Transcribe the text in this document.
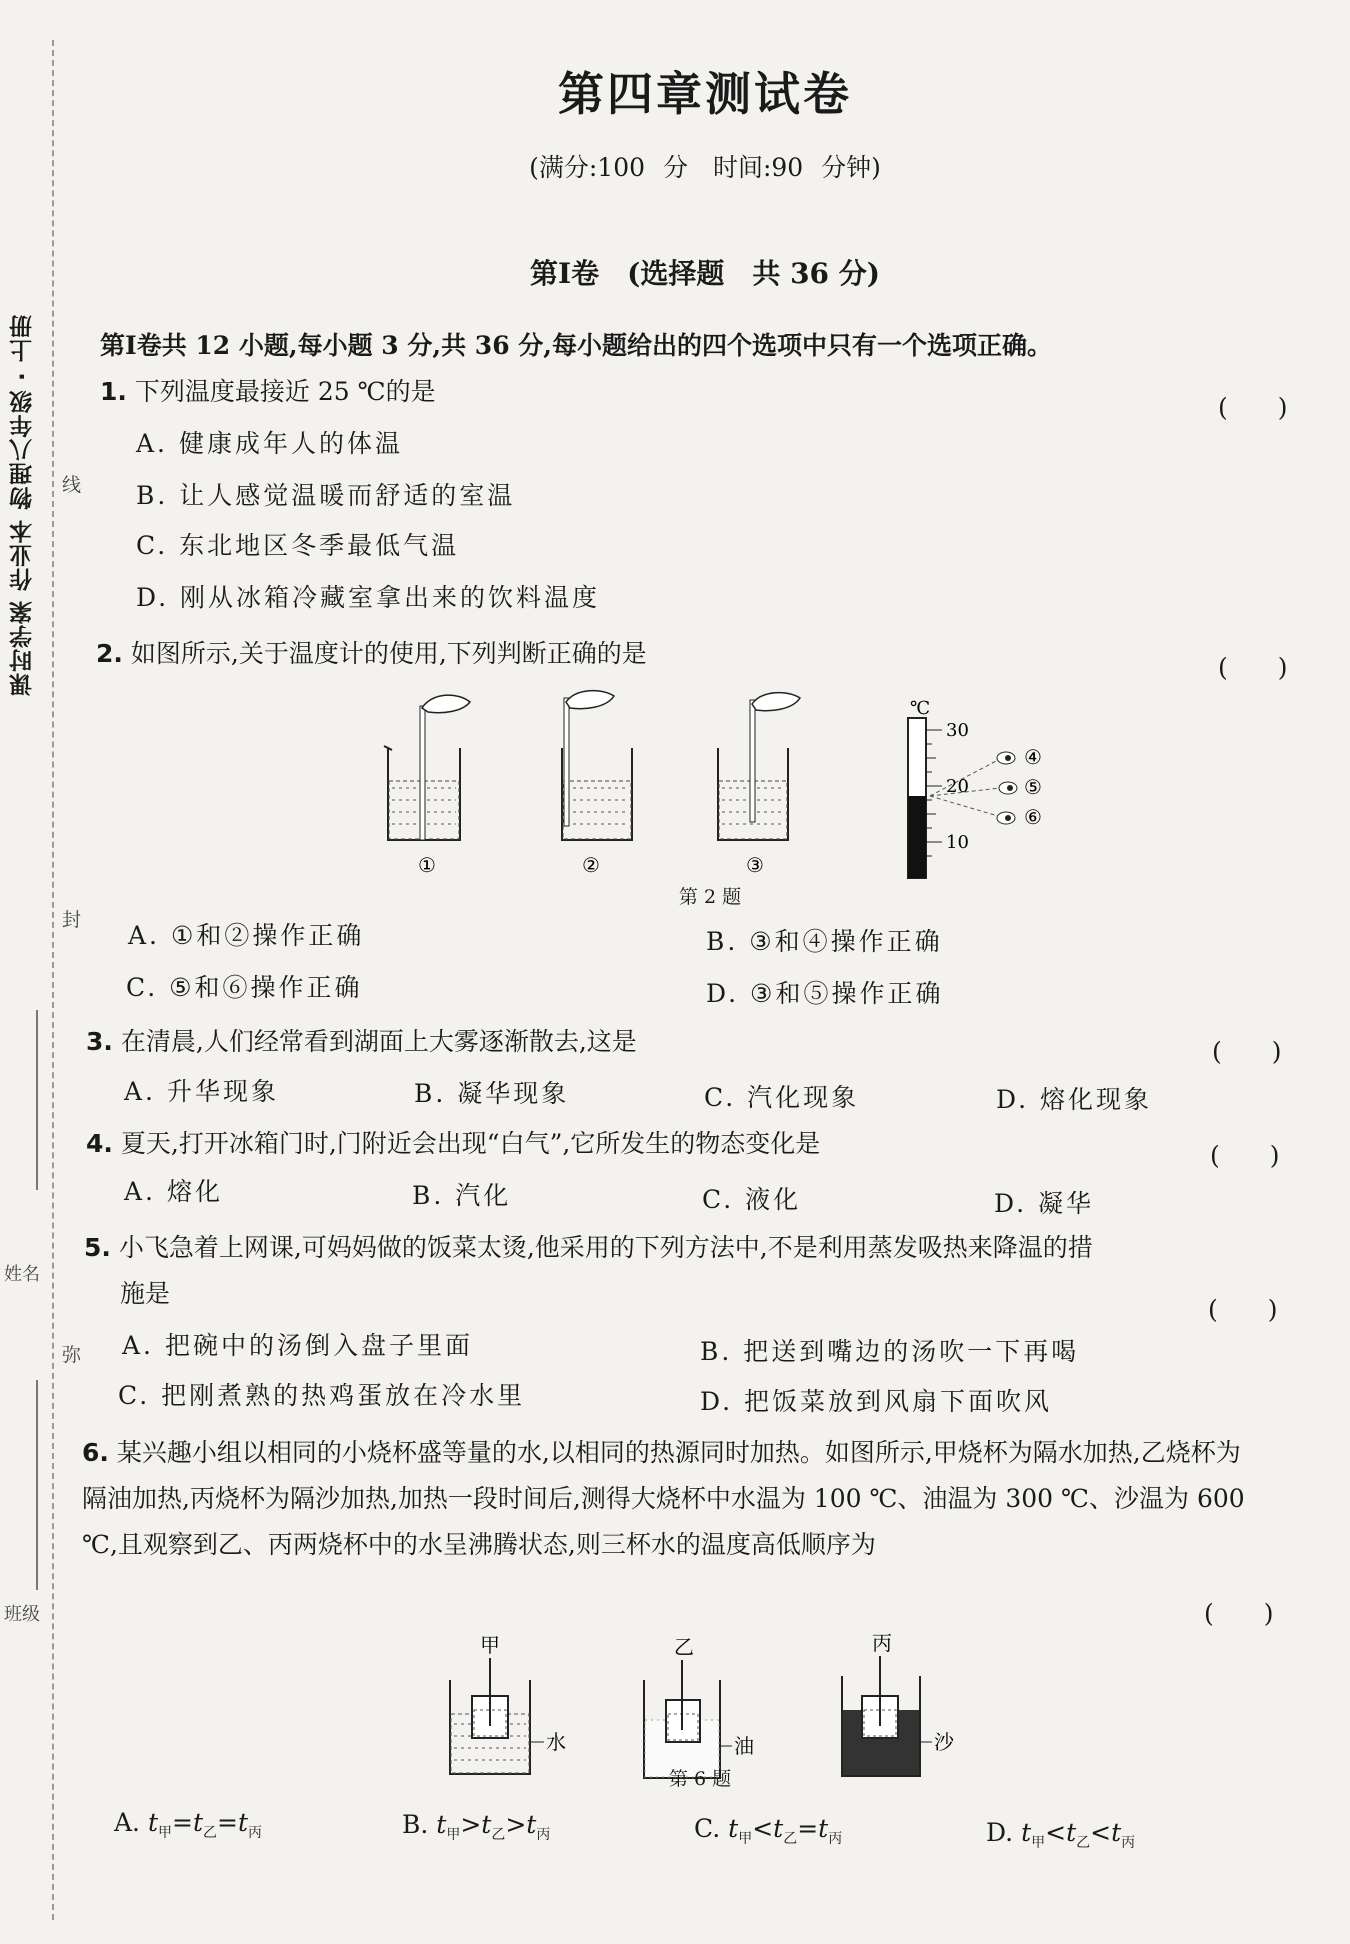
课时学案 作业本 物理八年级 · 上册	线
封
弥
姓名
班级
第四章测试卷
(满分:100 分　时间:90 分钟)
第Ⅰ卷　(选择题　共 36 分)
第Ⅰ卷共 12 小题,每小题 3 分,共 36 分,每小题给出的四个选项中只有一个选项正确。
1. 下列温度最接近 25 ℃的是
(　　)
A. 健康成年人的体温
B. 让人感觉温暖而舒适的室温
C. 东北地区冬季最低气温
D. 刚从冰箱冷藏室拿出来的饮料温度
2. 如图所示,关于温度计的使用,下列判断正确的是	(　　)
①	②	③
℃
30
20
10
④
⑤
⑥
第 2 题
A. ①和②操作正确	B. ③和④操作正确
C. ⑤和⑥操作正确	D. ③和⑤操作正确
3. 在清晨,人们经常看到湖面上大雾逐渐散去,这是	(　　)
A. 升华现象	B. 凝华现象	C. 汽化现象	D. 熔化现象
4. 夏天,打开冰箱门时,门附近会出现“白气”,它所发生的物态变化是	(　　)
A. 熔化	B. 汽化	C. 液化	D. 凝华
5. 小飞急着上网课,可妈妈做的饭菜太烫,他采用的下列方法中,不是利用蒸发吸热来降温的措
施是
(　　)
A. 把碗中的汤倒入盘子里面	B. 把送到嘴边的汤吹一下再喝
C. 把刚煮熟的热鸡蛋放在冷水里	D. 把饭菜放到风扇下面吹风
6. 某兴趣小组以相同的小烧杯盛等量的水,以相同的热源同时加热。如图所示,甲烧杯为隔水加热,乙烧杯为隔油加热,丙烧杯为隔沙加热,加热一段时间后,测得大烧杯中水温为 100 ℃、油温为 300 ℃、沙温为 600 ℃,且观察到乙、丙两烧杯中的水呈沸腾状态,则三杯水的温度高低顺序为
(　　)
甲
水
乙
油
丙
沙
第 6 题
A. $t_甲=t_乙=t_丙$	B. $t_甲>t_乙>t_丙$	C. $t_甲<t_乙=t_丙$	D. $t_甲<t_乙<t_丙$
